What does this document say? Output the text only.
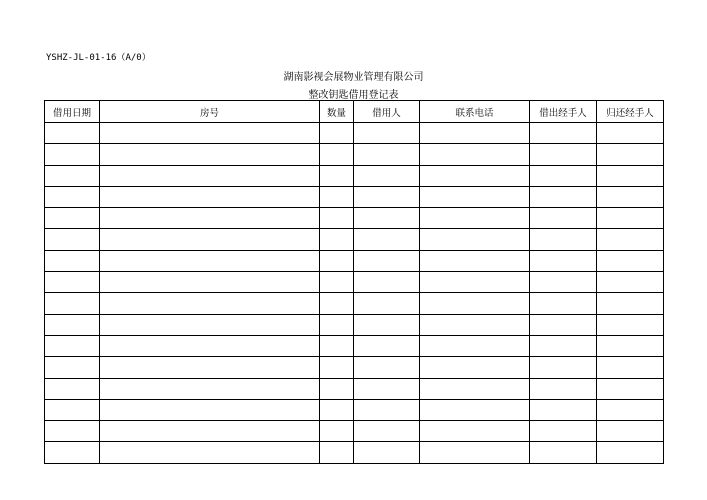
YSHZ-JL-01-16（A/0）
湖南影视会展物业管理有限公司
整改钥匙借用登记表
借用日期	房号	数量	借用人	联系电话	借出经手人	归还经手人
